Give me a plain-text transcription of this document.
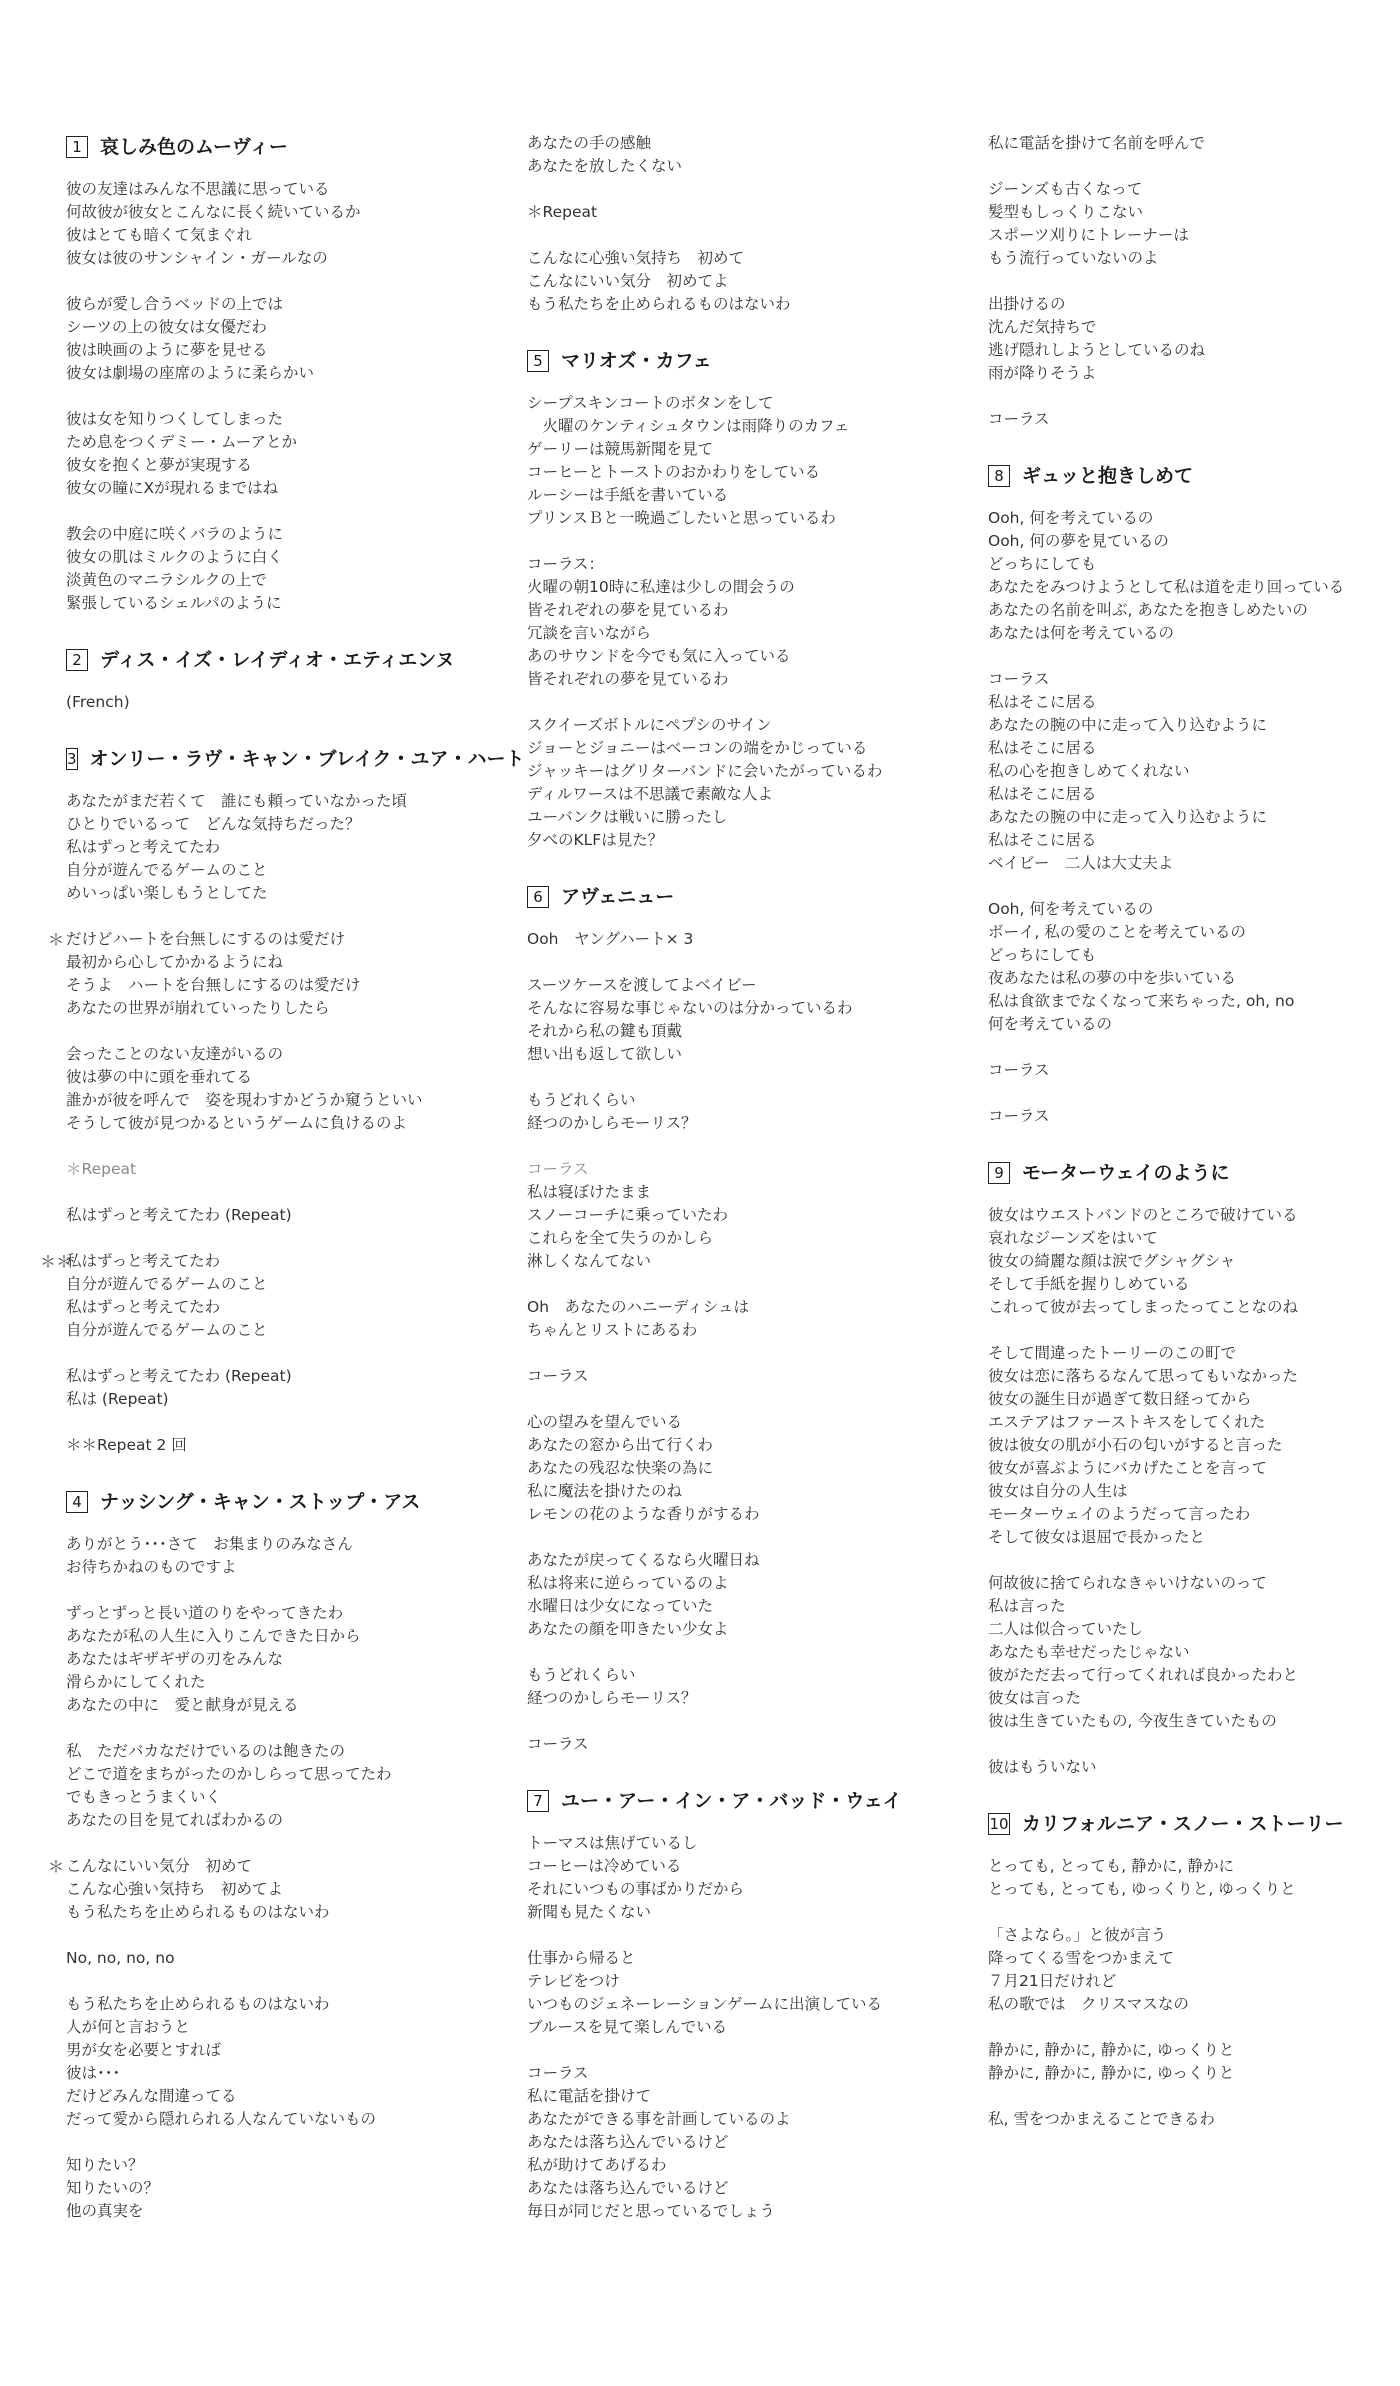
1 哀しみ色のムーヴィー
彼の友達はみんな不思議に思っている
何故彼が彼女とこんなに長く続いているか
彼はとても暗くて気まぐれ
彼女は彼のサンシャイン・ガールなの
彼らが愛し合うベッドの上では
シーツの上の彼女は女優だわ
彼は映画のように夢を見せる
彼女は劇場の座席のように柔らかい
彼は女を知りつくしてしまった
ため息をつくデミー・ムーアとか
彼女を抱くと夢が実現する
彼女の瞳にXが現れるまではね
教会の中庭に咲くバラのように
彼女の肌はミルクのように白く
淡黄色のマニラシルクの上で
緊張しているシェルパのように
2 ディス・イズ・レイディオ・エティエンヌ
(French)
3 オンリー・ラヴ・キャン・ブレイク・ユア・ハート
あなたがまだ若くて　誰にも頼っていなかった頃
ひとりでいるって　どんな気持ちだった？
私はずっと考えてたわ
自分が遊んでるゲームのこと
めいっぱい楽しもうとしてた
＊ だけどハートを台無しにするのは愛だけ
最初から心してかかるようにね
そうよ　ハートを台無しにするのは愛だけ
あなたの世界が崩れていったりしたら
会ったことのない友達がいるの
彼は夢の中に頭を垂れてる
誰かが彼を呼んで　姿を現わすかどうか窺うといい
そうして彼が見つかるというゲームに負けるのよ
＊Repeat
私はずっと考えてたわ (Repeat)
＊＊
私はずっと考えてたわ
自分が遊んでるゲームのこと
私はずっと考えてたわ
自分が遊んでるゲームのこと
私はずっと考えてたわ (Repeat)
私は (Repeat)
＊＊Repeat 2 回
4 ナッシング・キャン・ストップ・アス
ありがとう･･･さて　お集まりのみなさん
お待ちかねのものですよ
ずっとずっと長い道のりをやってきたわ
あなたが私の人生に入りこんできた日から
あなたはギザギザの刃をみんな
滑らかにしてくれた
あなたの中に　愛と献身が見える
私　ただバカなだけでいるのは飽きたの
どこで道をまちがったのかしらって思ってたわ
でもきっとうまくいく
あなたの目を見てればわかるの
＊ こんなにいい気分　初めて
こんな心強い気持ち　初めてよ
もう私たちを止められるものはないわ
No, no, no, no
もう私たちを止められるものはないわ
人が何と言おうと
男が女を必要とすれば
彼は･･･
だけどみんな間違ってる
だって愛から隠れられる人なんていないもの
知りたい？
知りたいの？
他の真実を
あなたの手の感触
あなたを放したくない
＊Repeat
こんなに心強い気持ち　初めて
こんなにいい気分　初めてよ
もう私たちを止められるものはないわ
5 マリオズ・カフェ
シープスキンコートのボタンをして
　火曜のケンティシュタウンは雨降りのカフェ
ゲーリーは競馬新聞を見て
コーヒーとトーストのおかわりをしている
ルーシーは手紙を書いている
プリンスＢと一晩過ごしたいと思っているわ
コーラス：
火曜の朝10時に私達は少しの間会うの
皆それぞれの夢を見ているわ
冗談を言いながら
あのサウンドを今でも気に入っている
皆それぞれの夢を見ているわ
スクイーズボトルにペプシのサイン
ジョーとジョニーはベーコンの端をかじっている
ジャッキーはグリターバンドに会いたがっているわ
ディルワースは不思議で素敵な人よ
ユーバンクは戦いに勝ったし
夕べのKLFは見た？
6 アヴェニュー
Ooh　ヤングハート× 3
スーツケースを渡してよベイビー
そんなに容易な事じゃないのは分かっているわ
それから私の鍵も頂戴
想い出も返して欲しい
もうどれくらい
経つのかしらモーリス？
コーラス
私は寝ぼけたまま
スノーコーチに乗っていたわ
これらを全て失うのかしら
淋しくなんてない
Oh　あなたのハニーディシュは
ちゃんとリストにあるわ
コーラス
心の望みを望んでいる
あなたの窓から出て行くわ
あなたの残忍な快楽の為に
私に魔法を掛けたのね
レモンの花のような香りがするわ
あなたが戻ってくるなら火曜日ね
私は将来に逆らっているのよ
水曜日は少女になっていた
あなたの顔を叩きたい少女よ
もうどれくらい
経つのかしらモーリス？
コーラス
7 ユー・アー・イン・ア・バッド・ウェイ
トーマスは焦げているし
コーヒーは冷めている
それにいつもの事ばかりだから
新聞も見たくない
仕事から帰ると
テレビをつけ
いつものジェネーレーションゲームに出演している
ブルースを見て楽しんでいる
コーラス
私に電話を掛けて
あなたができる事を計画しているのよ
あなたは落ち込んでいるけど
私が助けてあげるわ
あなたは落ち込んでいるけど
毎日が同じだと思っているでしょう
私に電話を掛けて名前を呼んで
ジーンズも古くなって
髪型もしっくりこない
スポーツ刈りにトレーナーは
もう流行っていないのよ
出掛けるの
沈んだ気持ちで
逃げ隠れしようとしているのね
雨が降りそうよ
コーラス
8 ギュッと抱きしめて
Ooh, 何を考えているの
Ooh, 何の夢を見ているの
どっちにしても
あなたをみつけようとして私は道を走り回っている
あなたの名前を叫ぶ, あなたを抱きしめたいの
あなたは何を考えているの
コーラス
私はそこに居る
あなたの腕の中に走って入り込むように
私はそこに居る
私の心を抱きしめてくれない
私はそこに居る
あなたの腕の中に走って入り込むように
私はそこに居る
ベイビー　二人は大丈夫よ
Ooh, 何を考えているの
ボーイ, 私の愛のことを考えているの
どっちにしても
夜あなたは私の夢の中を歩いている
私は食欲までなくなって来ちゃった, oh, no
何を考えているの
コーラス
コーラス
9 モーターウェイのように
彼女はウエストバンドのところで破けている
哀れなジーンズをはいて
彼女の綺麗な顔は涙でグシャグシャ
そして手紙を握りしめている
これって彼が去ってしまったってことなのね
そして間違ったトーリーのこの町で
彼女は恋に落ちるなんて思ってもいなかった
彼女の誕生日が過ぎて数日経ってから
エステアはファーストキスをしてくれた
彼は彼女の肌が小石の匂いがすると言った
彼女が喜ぶようにバカげたことを言って
彼女は自分の人生は
モーターウェイのようだって言ったわ
そして彼女は退屈で長かったと
何故彼に捨てられなきゃいけないのって
私は言った
二人は似合っていたし
あなたも幸せだったじゃない
彼がただ去って行ってくれれば良かったわと
彼女は言った
彼は生きていたもの, 今夜生きていたもの
彼はもういない
10 カリフォルニア・スノー・ストーリー
とっても, とっても, 静かに, 静かに
とっても, とっても, ゆっくりと, ゆっくりと
「さよなら。」と彼が言う
降ってくる雪をつかまえて
７月21日だけれど
私の歌では　クリスマスなの
静かに, 静かに, 静かに, ゆっくりと
静かに, 静かに, 静かに, ゆっくりと
私, 雪をつかまえることできるわ
